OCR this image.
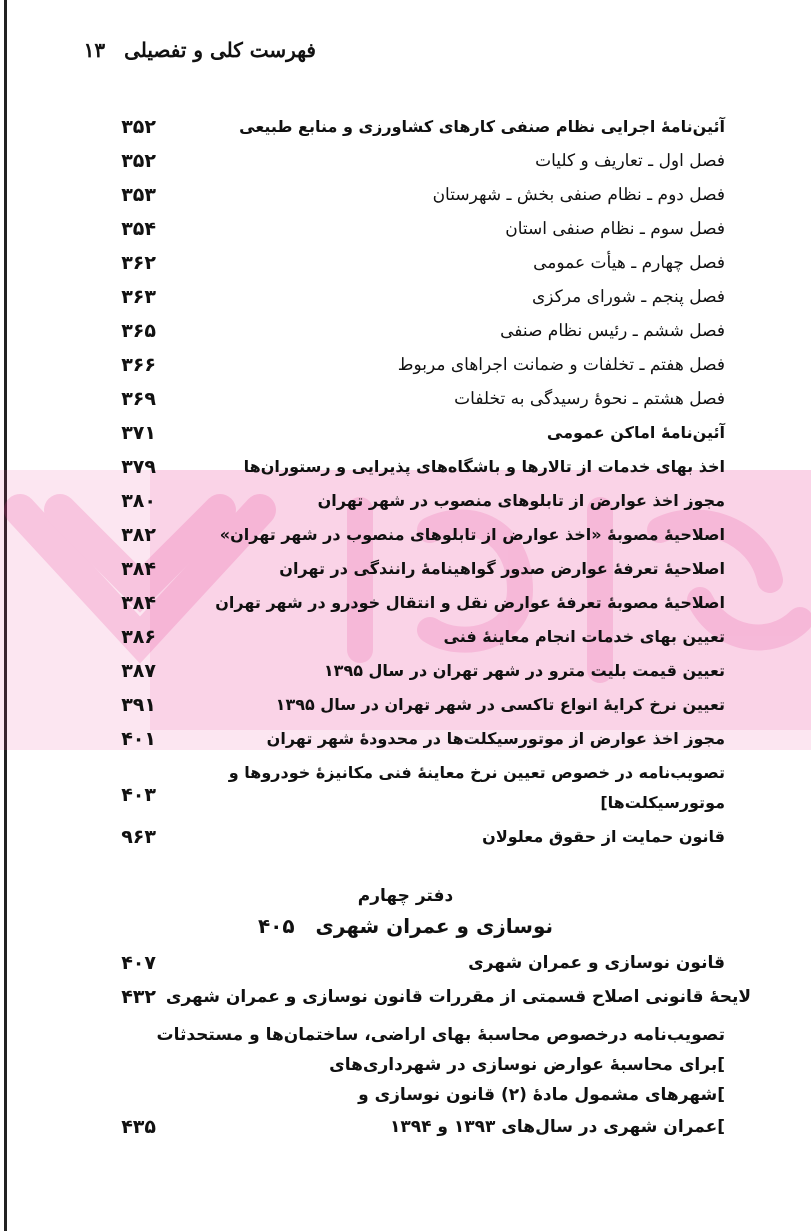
فهرست کلی و تفصیلی ۱۳
آئین‌نامهٔ اجرایی نظام صنفی کارهای کشاورزی و منابع طبیعی
۳۵۲
فصل اول ـ تعاریف و کلیات
۳۵۲
فصل دوم ـ نظام صنفی بخش ـ شهرستان
۳۵۳
فصل سوم ـ نظام صنفی استان
۳۵۴
فصل چهارم ـ هیأت عمومی
۳۶۲
فصل پنجم ـ شورای مرکزی
۳۶۳
فصل ششم ـ رئیس نظام صنفی
۳۶۵
فصل هفتم ـ تخلفات و ضمانت اجراهای مربوط
۳۶۶
فصل هشتم ـ نحوهٔ رسیدگی به تخلفات
۳۶۹
آئین‌نامهٔ اماکن عمومی
۳۷۱
اخذ بهای خدمات از تالارها و باشگاه‌های پذیرایی و رستوران‌ها
۳۷۹
مجوز اخذ عوارض از تابلوهای منصوب در شهر تهران
۳۸۰
اصلاحیهٔ مصوبهٔ «اخذ عوارض از تابلوهای منصوب در شهر تهران»
۳۸۲
اصلاحیهٔ تعرفهٔ عوارض صدور گواهینامهٔ رانندگی در تهران
۳۸۴
اصلاحیهٔ مصوبهٔ تعرفهٔ عوارض نقل و انتقال خودرو در شهر تهران
۳۸۴
تعیین بهای خدمات انجام معاینهٔ فنی
۳۸۶
تعیین قیمت بلیت مترو در شهر تهران در سال ۱۳۹۵
۳۸۷
تعیین نرخ کرایهٔ انواع تاکسی در شهر تهران در سال ۱۳۹۵
۳۹۱
مجوز اخذ عوارض از موتورسیکلت‌ها در محدودهٔ شهر تهران
۴۰۱
تصویب‌نامه در خصوص تعیین نرخ معاینهٔ فنی مکانیزهٔ خودروها و
موتورسیکلت‌ها]
۴۰۳
قانون حمایت از حقوق معلولان
۹۶۳
دفتر چهارم
نوسازی و عمران شهری ۴۰۵
قانون نوسازی و عمران شهری
۴۰۷
لایحهٔ قانونی اصلاح قسمتی از مقررات قانون نوسازی و عمران شهری
۴۳۲
تصویب‌نامه درخصوص محاسبهٔ بهای اراضی، ساختمان‌ها و مستحدثات
]برای محاسبهٔ عوارض نوسازی در شهرداری‌های
]شهرهای مشمول مادهٔ (۲) قانون نوسازی و
]عمران شهری در سال‌های ۱۳۹۳ و ۱۳۹۴
۴۳۵
